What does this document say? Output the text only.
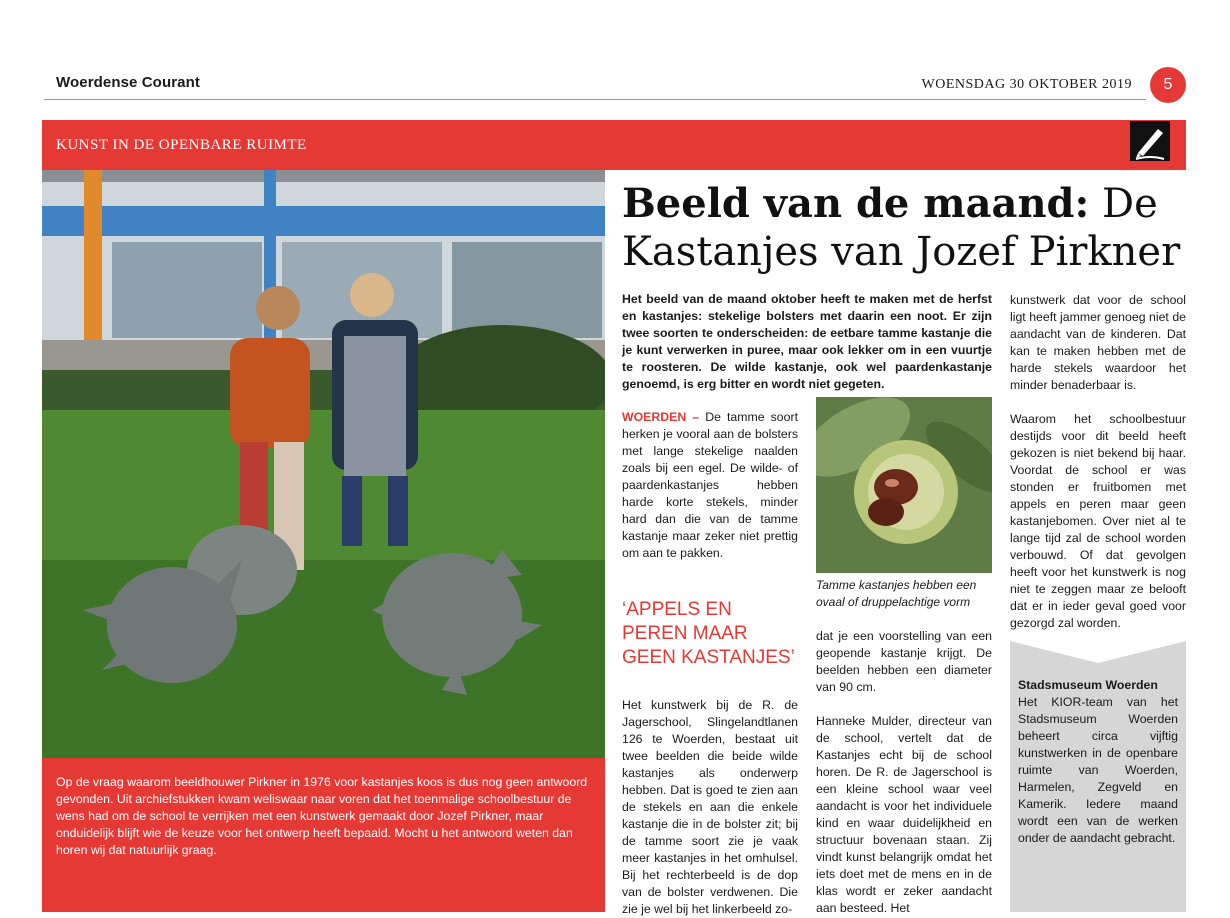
Woerdense Courant	WOENSDAG 30 OKTOBER 2019	5
KUNST IN DE OPENBARE RUIMTE
Op de vraag waarom beeldhouwer Pirkner in 1976 voor kastanjes koos is dus nog geen antwoord gevonden. Uit archiefstukken kwam weliswaar naar voren dat het toenmalige schoolbestuur de wens had om de school te verrijken met een kunstwerk gemaakt door Jozef Pirkner, maar onduidelijk blijft wie de keuze voor het ontwerp heeft bepaald. Mocht u het antwoord weten dan horen wij dat natuurlijk graag.
Beeld van de maand: De Kastanjes van Jozef Pirkner
Het beeld van de maand oktober heeft te maken met de herfst en kastanjes: stekelige bolsters met daarin een noot. Er zijn twee soorten te onderscheiden: de eetbare tamme kastanje die je kunt verwerken in puree, maar ook lekker om in een vuurtje te roosteren. De wilde kastanje, ook wel paardenkastanje genoemd, is erg bitter en wordt niet gegeten.

WOERDEN – De tamme soort herken je vooral aan de bolsters met lange stekelige naalden zoals bij een egel. De wilde- of paardenkastanjes hebben harde korte stekels, minder hard dan die van de tamme kastanje maar zeker niet prettig om aan te pakken.

‘APPELS EN PEREN MAAR GEEN KASTANJES’
Het kunstwerk bij de R. de Jagerschool, Slingelandtlanen 126 te Woerden, bestaat uit twee beelden die beide wilde kastanjes als onderwerp hebben. Dat is goed te zien aan de stekels en aan die enkele kastanje die in de bolster zit; bij de tamme soort zie je vaak meer kastanjes in het omhulsel. Bij het rechterbeeld is de dop van de bolster verdwenen. Die zie je wel bij het linkerbeeld zo-
Tamme kastanjes hebben een ovaal of druppelachtige vorm

dat je een voorstelling van een geopende kastanje krijgt. De beelden hebben een diameter van 90 cm.

Hanneke Mulder, directeur van de school, vertelt dat de Kastanjes echt bij de school horen. De R. de Jagerschool is een kleine school waar veel aandacht is voor het individuele kind en waar duidelijkheid en structuur bovenaan staan. Zij vindt kunst belangrijk omdat het iets doet met de mens en in de klas wordt er zeker aandacht aan besteed. Het

kunstwerk dat voor de school ligt heeft jammer genoeg niet de aandacht van de kinderen. Dat kan te maken hebben met de harde stekels waardoor het minder benaderbaar is.

Waarom het schoolbestuur destijds voor dit beeld heeft gekozen is niet bekend bij haar. Voordat de school er was stonden er fruitbomen met appels en peren maar geen kastanjebomen. Over niet al te lange tijd zal de school worden verbouwd. Of dat gevolgen heeft voor het kunstwerk is nog niet te zeggen maar ze belooft dat er in ieder geval goed voor gezorgd zal worden.

Stadsmuseum Woerden

Het KIOR-team van het Stadsmuseum Woerden beheert circa vijftig kunstwerken in de openbare ruimte van Woerden, Harmelen, Zegveld en Kamerik. Iedere maand wordt een van de werken onder de aandacht gebracht.
